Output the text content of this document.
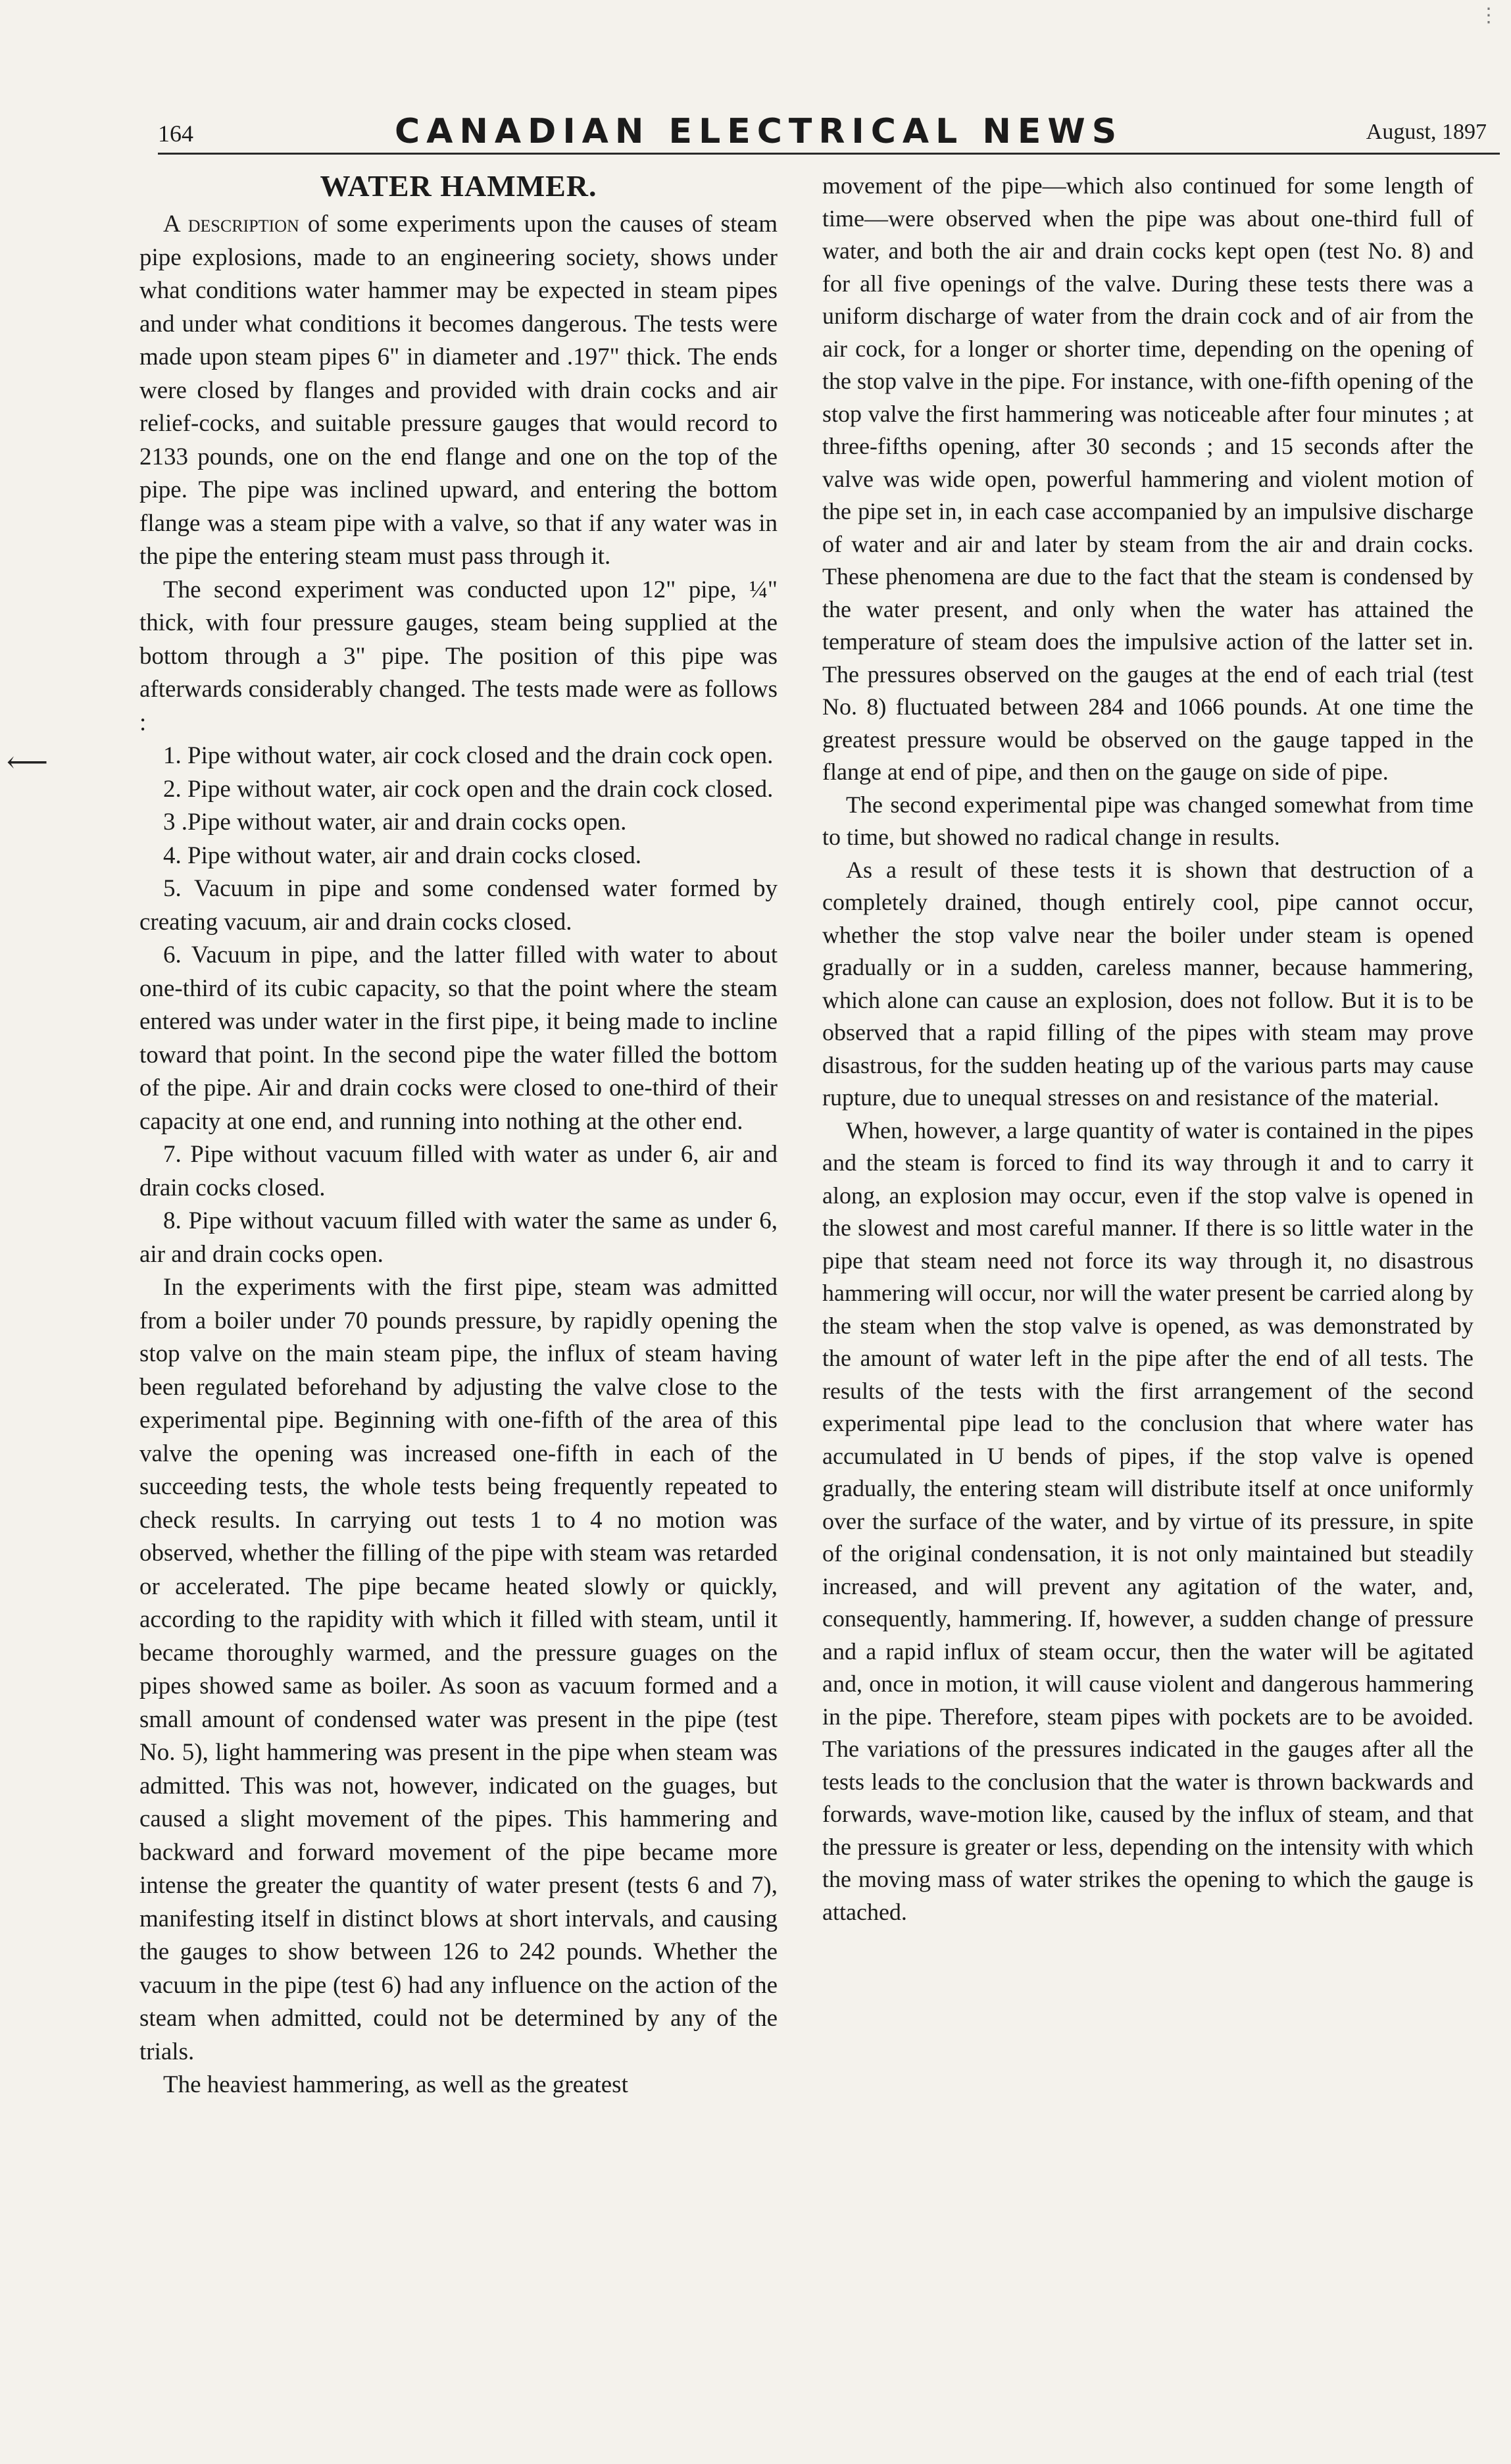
⋮
⟵
164	CANADIAN ELECTRICAL NEWS	August, 1897
WATER HAMMER.

A description of some experiments upon the causes of steam pipe explosions, made to an engineering society, shows under what conditions water hammer may be expected in steam pipes and under what conditions it becomes dangerous. The tests were made upon steam pipes 6" in diameter and .197" thick. The ends were closed by flanges and provided with drain cocks and air relief-cocks, and suitable pressure gauges that would record to 2133 pounds, one on the end flange and one on the top of the pipe. The pipe was inclined upward, and entering the bottom flange was a steam pipe with a valve, so that if any water was in the pipe the entering steam must pass through it.

The second experiment was conducted upon 12" pipe, ¼" thick, with four pressure gauges, steam being supplied at the bottom through a 3" pipe. The position of this pipe was afterwards considerably changed. The tests made were as follows :

1. Pipe without water, air cock closed and the drain cock open.

2. Pipe without water, air cock open and the drain cock closed.

3 .Pipe without water, air and drain cocks open.

4. Pipe without water, air and drain cocks closed.

5. Vacuum in pipe and some condensed water formed by creating vacuum, air and drain cocks closed.

6. Vacuum in pipe, and the latter filled with water to about one-third of its cubic capacity, so that the point where the steam entered was under water in the first pipe, it being made to incline toward that point. In the second pipe the water filled the bottom of the pipe. Air and drain cocks were closed to one-third of their capacity at one end, and running into nothing at the other end.

7. Pipe without vacuum filled with water as under 6, air and drain cocks closed.

8. Pipe without vacuum filled with water the same as under 6, air and drain cocks open.

In the experiments with the first pipe, steam was admitted from a boiler under 70 pounds pressure, by rapidly opening the stop valve on the main steam pipe, the influx of steam having been regulated beforehand by adjusting the valve close to the experimental pipe. Beginning with one-fifth of the area of this valve the opening was increased one-fifth in each of the succeeding tests, the whole tests being frequently repeated to check results. In carrying out tests 1 to 4 no motion was observed, whether the filling of the pipe with steam was retarded or accelerated. The pipe became heated slowly or quickly, according to the rapidity with which it filled with steam, until it became thoroughly warmed, and the pressure guages on the pipes showed same as boiler. As soon as vacuum formed and a small amount of condensed water was present in the pipe (test No. 5), light hammering was present in the pipe when steam was admitted. This was not, however, indicated on the guages, but caused a slight movement of the pipes. This hammering and backward and forward movement of the pipe became more intense the greater the quantity of water present (tests 6 and 7), manifesting itself in distinct blows at short intervals, and causing the gauges to show between 126 to 242 pounds. Whether the vacuum in the pipe (test 6) had any influence on the action of the steam when admitted, could not be determined by any of the trials.

The heaviest hammering, as well as the greatest

movement of the pipe—which also continued for some length of time—were observed when the pipe was about one-third full of water, and both the air and drain cocks kept open (test No. 8) and for all five openings of the valve. During these tests there was a uniform discharge of water from the drain cock and of air from the air cock, for a longer or shorter time, depending on the opening of the stop valve in the pipe. For instance, with one-fifth opening of the stop valve the first hammering was noticeable after four minutes ; at three-fifths opening, after 30 seconds ; and 15 seconds after the valve was wide open, powerful hammering and violent motion of the pipe set in, in each case accompanied by an impulsive discharge of water and air and later by steam from the air and drain cocks. These phenomena are due to the fact that the steam is condensed by the water present, and only when the water has attained the temperature of steam does the impulsive action of the latter set in. The pressures observed on the gauges at the end of each trial (test No. 8) fluctuated between 284 and 1066 pounds. At one time the greatest pressure would be observed on the gauge tapped in the flange at end of pipe, and then on the gauge on side of pipe.

The second experimental pipe was changed somewhat from time to time, but showed no radical change in results.

As a result of these tests it is shown that destruction of a completely drained, though entirely cool, pipe cannot occur, whether the stop valve near the boiler under steam is opened gradually or in a sudden, careless manner, because hammering, which alone can cause an explosion, does not follow. But it is to be observed that a rapid filling of the pipes with steam may prove disastrous, for the sudden heating up of the various parts may cause rupture, due to unequal stresses on and resistance of the material.

When, however, a large quantity of water is contained in the pipes and the steam is forced to find its way through it and to carry it along, an explosion may occur, even if the stop valve is opened in the slowest and most careful manner. If there is so little water in the pipe that steam need not force its way through it, no disastrous hammering will occur, nor will the water present be carried along by the steam when the stop valve is opened, as was demonstrated by the amount of water left in the pipe after the end of all tests. The results of the tests with the first arrangement of the second experimental pipe lead to the conclusion that where water has accumulated in U bends of pipes, if the stop valve is opened gradually, the entering steam will distribute itself at once uniformly over the surface of the water, and by virtue of its pressure, in spite of the original condensation, it is not only maintained but steadily increased, and will prevent any agitation of the water, and, consequently, hammering. If, however, a sudden change of pressure and a rapid influx of steam occur, then the water will be agitated and, once in motion, it will cause violent and dangerous hammering in the pipe. Therefore, steam pipes with pockets are to be avoided. The variations of the pressures indicated in the gauges after all the tests leads to the conclusion that the water is thrown backwards and forwards, wave-motion like, caused by the influx of steam, and that the pressure is greater or less, depending on the intensity with which the moving mass of water strikes the opening to which the gauge is attached.
